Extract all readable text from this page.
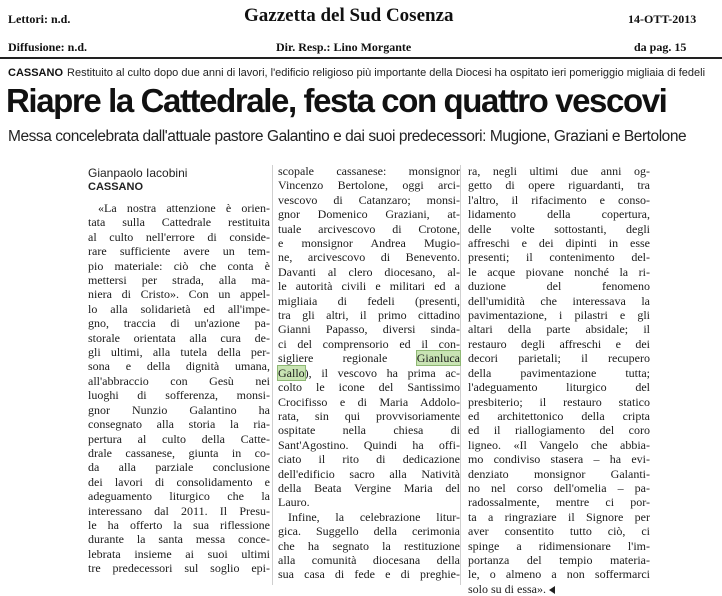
Lettori: n.d.	Gazzetta del Sud Cosenza	14-OTT-2013
Diffusione: n.d.	Dir. Resp.: Lino Morgante	da pag. 15
CASSANO Restituito al culto dopo due anni di lavori, l'edificio religioso più importante della Diocesi ha ospitato ieri pomeriggio migliaia di fedeli
Riapre la Cattedrale, festa con quattro vescovi
Messa concelebrata dall'attuale pastore Galantino e dai suoi predecessori: Mugione, Graziani e Bertolone
Gianpaolo Iacobini
CASSANO
«La nostra attenzione è orien-
tata sulla Cattedrale restituita
al culto nell'errore di conside-
rare sufficiente avere un tem-
pio materiale: ciò che conta è
mettersi per strada, alla ma-
niera di Cristo». Con un appel-
lo alla solidarietà ed all'impe-
gno, traccia di un'azione pa-
storale orientata alla cura de-
gli ultimi, alla tutela della per-
sona e della dignità umana,
all'abbraccio con Gesù nei
luoghi di sofferenza, monsi-
gnor Nunzio Galantino ha
consegnato alla storia la ria-
pertura al culto della Catte-
drale cassanese, giunta in co-
da alla parziale conclusione
dei lavori di consolidamento e
adeguamento liturgico che la
interessano dal 2011. Il Presu-
le ha offerto la sua riflessione
durante la santa messa conce-
lebrata insieme ai suoi ultimi
tre predecessori sul soglio epi-
scopale cassanese: monsignor
Vincenzo Bertolone, oggi arci-
vescovo di Catanzaro; monsi-
gnor Domenico Graziani, at-
tuale arcivescovo di Crotone,
e monsignor Andrea Mugio-
ne, arcivescovo di Benevento.
Davanti al clero diocesano, al-
le autorità civili e militari ed a
migliaia di fedeli (presenti,
tra gli altri, il primo cittadino
Gianni Papasso, diversi sinda-
ci del comprensorio ed il con-
sigliere regionale Gianluca
Gallo), il vescovo ha prima ac-
colto le icone del Santissimo
Crocifisso e di Maria Addolo-
rata, sin qui provvisoriamente
ospitate nella chiesa di
Sant'Agostino. Quindi ha offi-
ciato il rito di dedicazione
dell'edificio sacro alla Natività
della Beata Vergine Maria del
Lauro.
Infine, la celebrazione litur-
gica. Suggello della cerimonia
che ha segnato la restituzione
alla comunità diocesana della
sua casa di fede e di preghie-
ra, negli ultimi due anni og-
getto di opere riguardanti, tra
l'altro, il rifacimento e conso-
lidamento della copertura,
delle volte sottostanti, degli
affreschi e dei dipinti in esse
presenti; il contenimento del-
le acque piovane nonché la ri-
duzione del fenomeno
dell'umidità che interessava la
pavimentazione, i pilastri e gli
altari della parte absidale; il
restauro degli affreschi e dei
decori parietali; il recupero
della pavimentazione tutta;
l'adeguamento liturgico del
presbiterio; il restauro statico
ed architettonico della cripta
ed il riallogiamento del coro
ligneo. «Il Vangelo che abbia-
mo condiviso stasera – ha evi-
denziato monsignor Galanti-
no nel corso dell'omelia – pa-
radossalmente, mentre ci por-
ta a ringraziare il Signore per
aver consentito tutto ciò, ci
spinge a ridimensionare l'im-
portanza del tempio materia-
le, o almeno a non soffermarci
solo su di essa».
